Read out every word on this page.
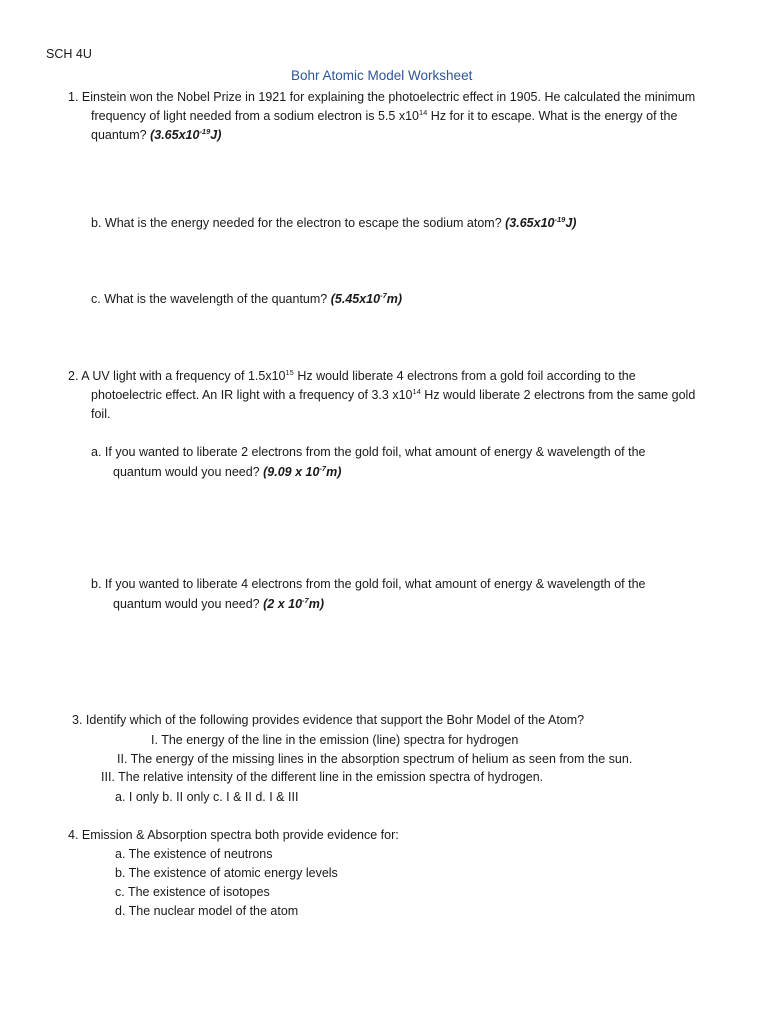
SCH 4U
Bohr Atomic Model Worksheet
1. Einstein won the Nobel Prize in 1921 for explaining the photoelectric effect in 1905. He calculated the minimum
frequency of light needed from a sodium electron is 5.5 $x10^{14}$ Hz for it to escape. What is the energy of the
quantum? $(3.65x10^{-19}J)$
b. What is the energy needed for the electron to escape the sodium atom? $(3.65x10^{-19}J)$
c. What is the wavelength of the quantum? $(5.45x10^{-7}m)$
2. A UV light with a frequency of $1.5x10^{15}$ Hz would liberate 4 electrons from a gold foil according to the
photoelectric effect. An IR light with a frequency of 3.3 $x10^{14}$ Hz would liberate 2 electrons from the same gold
foil.
a. If you wanted to liberate 2 electrons from the gold foil, what amount of energy & wavelength of the
quantum would you need? (9.09 x $10^{-7}m$)
b. If you wanted to liberate 4 electrons from the gold foil, what amount of energy & wavelength of the
quantum would you need? (2 x $10^{-7}m$)
3. Identify which of the following provides evidence that support the Bohr Model of the Atom?
I. The energy of the line in the emission (line) spectra for hydrogen
II. The energy of the missing lines in the absorption spectrum of helium as seen from the sun.
III. The relative intensity of the different line in the emission spectra of hydrogen.
a. I only b. II only c. I & II d. I & III
4. Emission & Absorption spectra both provide evidence for:
a. The existence of neutrons
b. The existence of atomic energy levels
c. The existence of isotopes
d. The nuclear model of the atom
